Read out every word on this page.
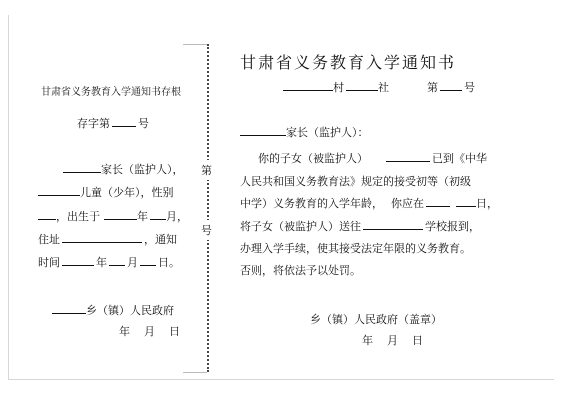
第
号
甘肃省义务教育入学通知书存根
存字第	号
家长（监护人），
儿童（少年），性别
，出生于	年 月，
住址	，通知
时间	年 月 日。
乡（镇）人民政府
年 月 日
甘肃省义务教育入学通知书
村	社	第 号
家长（监护人）：
你的子女（被监护人）	已到《中华
人民共和国义务教育法》规定的接受初等（初级
中学）义务教育的入学年龄， 你应在	日，
将子女（被监护人）送往	学校报到，
办理入学手续，使其接受法定年限的义务教育。
否则，将依法予以处罚。
乡（镇）人民政府（盖章）
年 月 日
